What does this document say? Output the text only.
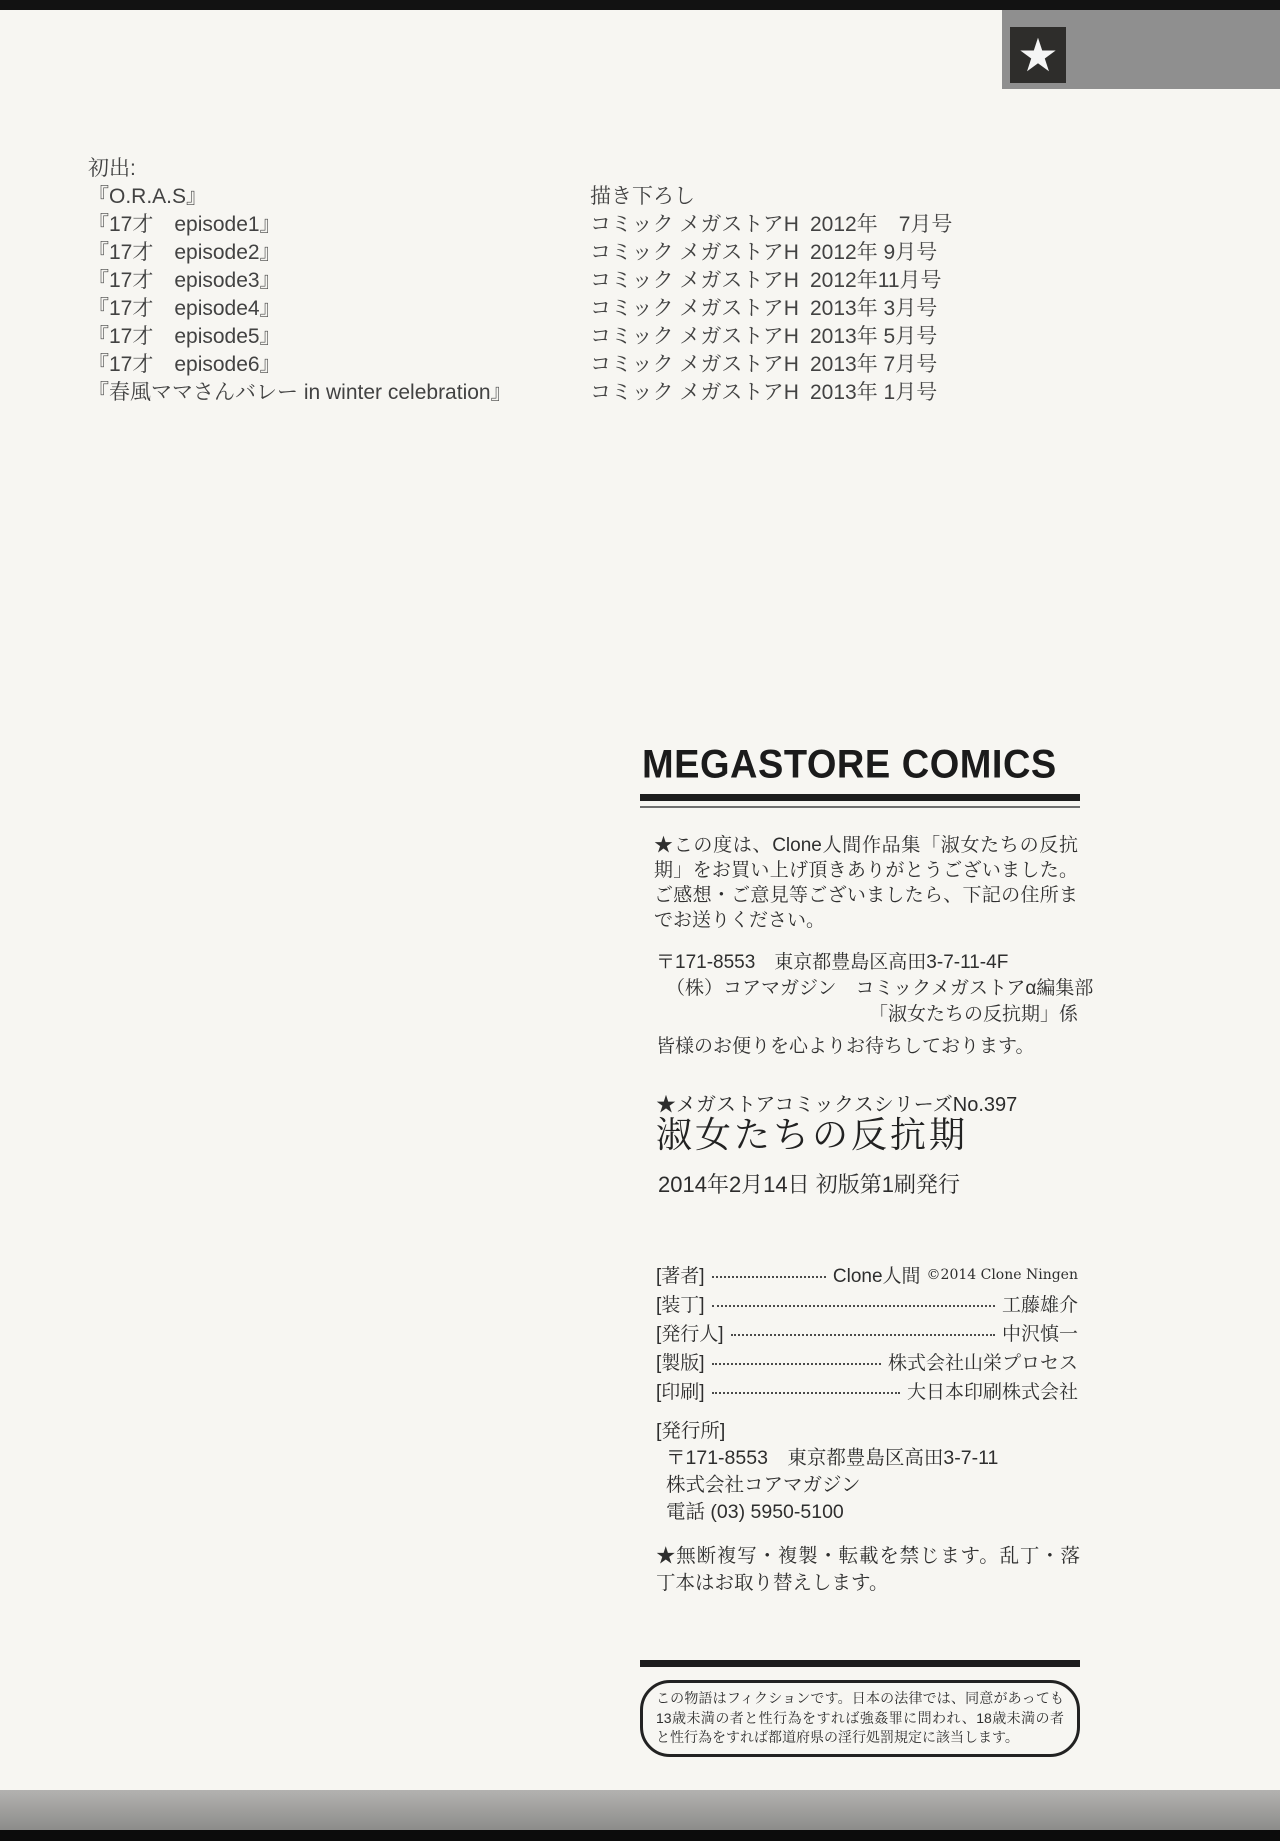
★
初出:
『O.R.A.S』	描き下ろし
『17才　episode1』	コミック メガストアH 2012年　7月号
『17才　episode2』	コミック メガストアH 2012年 9月号
『17才　episode3』	コミック メガストアH 2012年11月号
『17才　episode4』	コミック メガストアH 2013年 3月号
『17才　episode5』	コミック メガストアH 2013年 5月号
『17才　episode6』	コミック メガストアH 2013年 7月号
『春風ママさんバレー in winter celebration』	コミック メガストアH 2013年 1月号
MEGASTORE COMICS
★この度は、Clone人間作品集「淑女たちの反抗期」をお買い上げ頂きありがとうございました。ご感想・ご意見等ございましたら、下記の住所までお送りください。
〒171-8553　東京都豊島区高田3-7-11-4F
（株）コアマガジン　コミックメガストアα編集部
「淑女たちの反抗期」係
皆様のお便りを心よりお待ちしております。
★メガストアコミックスシリーズNo.397
淑女たちの反抗期
2014年2月14日 初版第1刷発行
[著者]	Clone人間 ©2014 Clone Ningen
[装丁]	工藤雄介
[発行人]	中沢慎一
[製版]	株式会社山栄プロセス
[印刷]	大日本印刷株式会社
[発行所]
〒171-8553　東京都豊島区高田3-7-11
株式会社コアマガジン
電話 (03) 5950-5100
★無断複写・複製・転載を禁じます。乱丁・落丁本はお取り替えします。
この物語はフィクションです。日本の法律では、同意があっても13歳未満の者と性行為をすれば強姦罪に問われ、18歳未満の者と性行為をすれば都道府県の淫行処罰規定に該当します。
